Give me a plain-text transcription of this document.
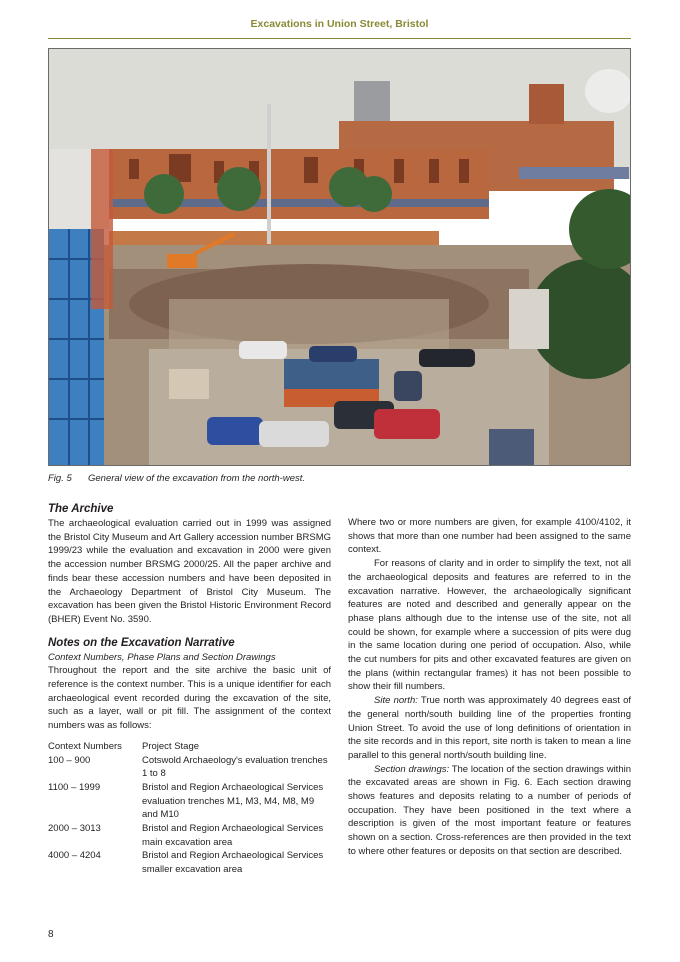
Excavations in Union Street, Bristol
Fig. 5 General view of the excavation from the north-west.
The Archive

The archaeological evaluation carried out in 1999 was assigned the Bristol City Museum and Art Gallery accession number BRSMG 1999/23 while the evaluation and excavation in 2000 were given the accession number BRSMG 2000/25. All the paper archive and finds bear these accession numbers and have been deposited in the Archaeology Department of Bristol City Museum. The excavation has been given the Bristol Historic Environment Record (BHER) Event No. 3590.

Notes on the Excavation Narrative
Context Numbers, Phase Plans and Section Drawings

Throughout the report and the site archive the basic unit of reference is the context number. This is a unique identifier for each archaeological event recorded during the excavation of the site, such as a layer, wall or pit fill. The assignment of the context numbers was as follows:

Context Numbers	Project Stage
100 – 900	Cotswold Archaeology's evaluation trenches 1 to 8
1100 – 1999	Bristol and Region Archaeological Services evaluation trenches M1, M3, M4, M8, M9 and M10
2000 – 3013	Bristol and Region Archaeological Services main excavation area
4000 – 4204	Bristol and Region Archaeological Services smaller excavation area

Where two or more numbers are given, for example 4100/4102, it shows that more than one number had been assigned to the same context.

For reasons of clarity and in order to simplify the text, not all the archaeological deposits and features are referred to in the excavation narrative. However, the archaeologically significant features are noted and described and generally appear on the phase plans although due to the intense use of the site, not all could be shown, for example where a succession of pits were dug in the same location during one period of occupation. Also, while the cut numbers for pits and other excavated features are given on the plans (within rectangular frames) it has not been possible to show their fill numbers.

Site north: True north was approximately 40 degrees east of the general north/south building line of the properties fronting Union Street. To avoid the use of long definitions of orientation in the site records and in this report, site north is taken to mean a line parallel to this general north/south building line.

Section drawings: The location of the section drawings within the excavated areas are shown in Fig. 6. Each section drawing shows features and deposits relating to a number of periods of occupation. They have been positioned in the text where a description is given of the most important feature or features shown on a section. Cross-references are then provided in the text to where other features or deposits on that section are described.

8
